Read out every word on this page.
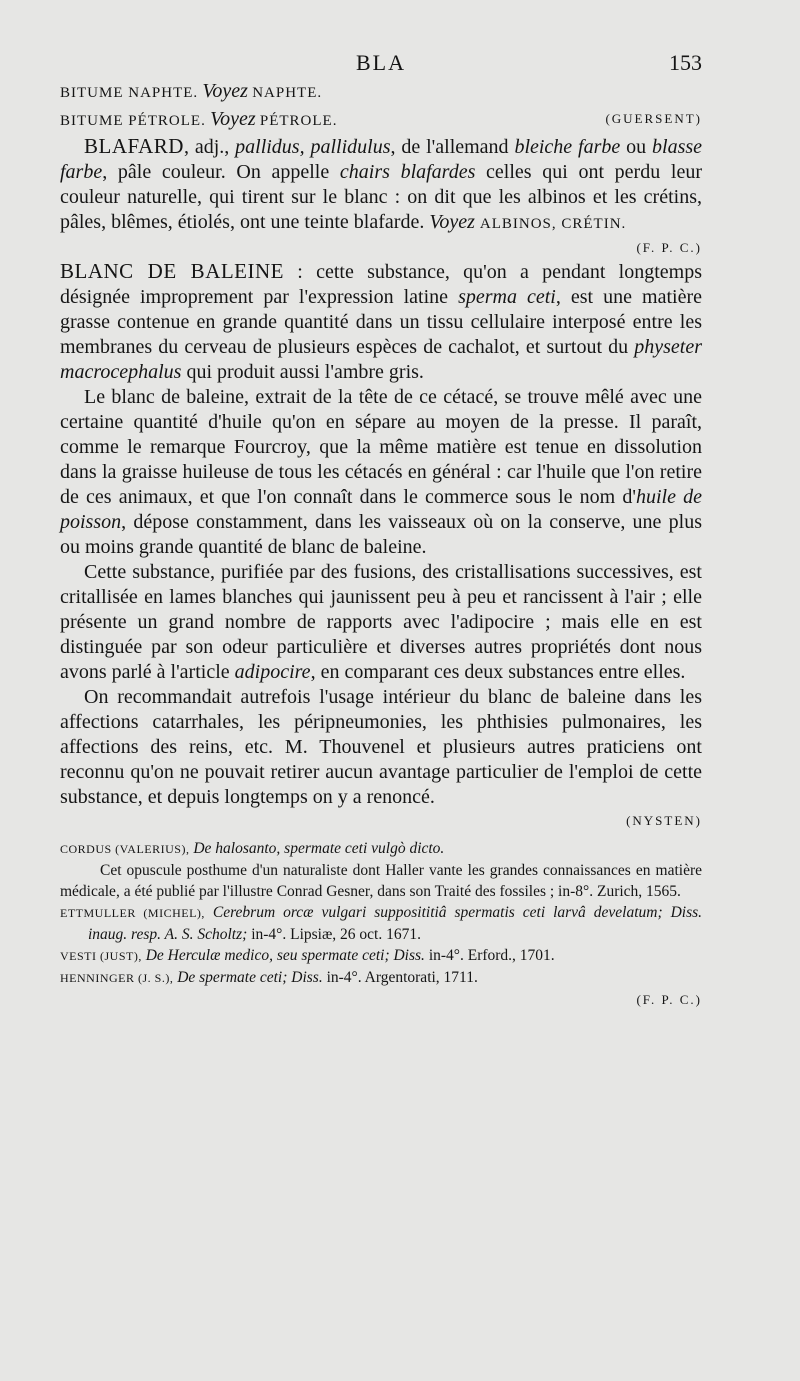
BLA	153

BITUME NAPHTE. Voyez NAPHTE.

BITUME PÉTROLE. Voyez PÉTROLE.	(GUERSENT)

BLAFARD, adj., pallidus, pallidulus, de l'allemand bleiche farbe ou blasse farbe, pâle couleur. On appelle chairs blafardes celles qui ont perdu leur couleur naturelle, qui tirent sur le blanc : on dit que les albinos et les crétins, pâles, blêmes, étiolés, ont une teinte blafarde. Voyez ALBINOS, CRÉTIN.

(F. P. C.)

BLANC DE BALEINE : cette substance, qu'on a pendant longtemps désignée improprement par l'expression latine sperma ceti, est une matière grasse contenue en grande quantité dans un tissu cellulaire interposé entre les membranes du cerveau de plusieurs espèces de cachalot, et surtout du physeter macrocephalus qui produit aussi l'ambre gris.

Le blanc de baleine, extrait de la tête de ce cétacé, se trouve mêlé avec une certaine quantité d'huile qu'on en sépare au moyen de la presse. Il paraît, comme le remarque Fourcroy, que la même matière est tenue en dissolution dans la graisse huileuse de tous les cétacés en général : car l'huile que l'on retire de ces animaux, et que l'on connaît dans le commerce sous le nom d'huile de poisson, dépose constamment, dans les vaisseaux où on la conserve, une plus ou moins grande quantité de blanc de baleine.

Cette substance, purifiée par des fusions, des cristallisations successives, est critallisée en lames blanches qui jaunissent peu à peu et rancissent à l'air ; elle présente un grand nombre de rapports avec l'adipocire ; mais elle en est distinguée par son odeur particulière et diverses autres propriétés dont nous avons parlé à l'article adipocire, en comparant ces deux substances entre elles.

On recommandait autrefois l'usage intérieur du blanc de baleine dans les affections catarrhales, les péripneumonies, les phthisies pulmonaires, les affections des reins, etc. M. Thouvenel et plusieurs autres praticiens ont reconnu qu'on ne pouvait retirer aucun avantage particulier de l'emploi de cette substance, et depuis longtemps on y a renoncé.

(NYSTEN)

CORDUS (VALERIUS), De halosanto, spermate ceti vulgò dicto.

Cet opuscule posthume d'un naturaliste dont Haller vante les grandes connaissances en matière médicale, a été publié par l'illustre Conrad Gesner, dans son Traité des fossiles ; in-8°. Zurich, 1565.

ETTMULLER (MICHEL), Cerebrum orcæ vulgari supposititiâ spermatis ceti larvâ develatum; Diss. inaug. resp. A. S. Scholtz; in-4°. Lipsiæ, 26 oct. 1671.

VESTI (JUST), De Herculæ medico, seu spermate ceti; Diss. in-4°. Erford., 1701.

HENNINGER (J. S.), De spermate ceti; Diss. in-4°. Argentorati, 1711.

(F. P. C.)
